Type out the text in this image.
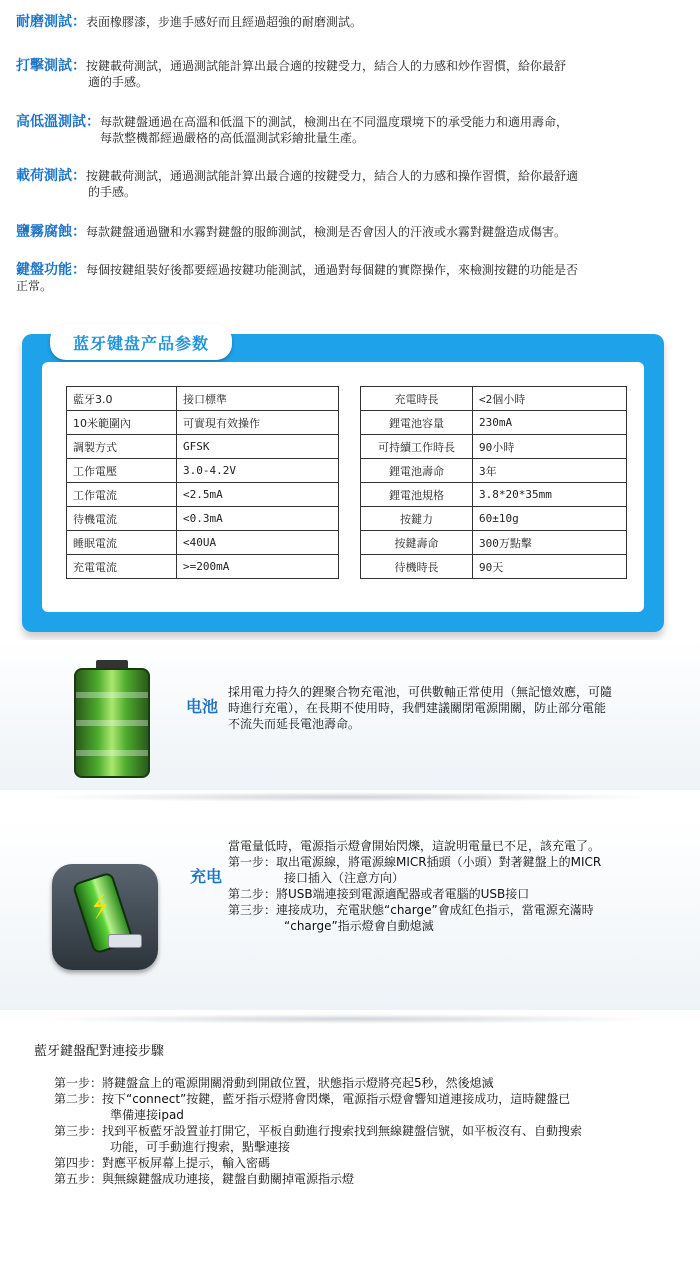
耐磨測試：表面橡膠漆，步進手感好而且經過超強的耐磨測試。
打擊測試：按鍵載荷測試，通過測試能計算出最合適的按鍵受力，結合人的力感和炒作習慣，給你最舒
適的手感。
高低溫測試：每款鍵盤通過在高溫和低溫下的測試，檢測出在不同溫度環境下的承受能力和適用壽命，
每款整機都經過嚴格的高低溫測試彩繪批量生產。
載荷測試：按鍵載荷測試，通過測試能計算出最合適的按鍵受力，結合人的力感和操作習慣，給你最舒適
的手感。
鹽霧腐蝕：每款鍵盤通過鹽和水霧對鍵盤的服飾測試，檢測是否會因人的汗液或水霧對鍵盤造成傷害。
鍵盤功能：每個按鍵組裝好後都要經過按鍵功能測試，通過對每個鍵的實際操作，來檢測按鍵的功能是否
正常。
蓝牙键盘产品参数
藍牙3.0	接口標準
10米範圍內	可實現有效操作
調製方式	GFSK
工作電壓	3.0-4.2V
工作電流	<2.5mA
待機電流	<0.3mA
睡眠電流	<40UA
充電電流	>=200mA
充電時長	<2個小時
鋰電池容量	230mA
可持續工作時長	90小時
鋰電池壽命	3年
鋰電池規格	3.8*20*35mm
按鍵力	60±10g
按鍵壽命	300万點擊
待機時長	90天
电池
採用電力持久的鋰聚合物充電池，可供數軸正常使用（無記憶效應，可隨
時進行充電），在長期不使用時，我們建議關閉電源開關，防止部分電能
不流失而延長電池壽命。
⚡
充电
當電量低時，電源指示燈會開始閃爍，這說明電量已不足，該充電了。
第一步：取出電源線，將電源線MICR插頭（小頭）對著鍵盤上的MICR
接口插入（注意方向）
第二步：將USB端連接到電源適配器或者電腦的USB接口
第三步：連接成功，充電狀態“charge”會成紅色指示，當電源充滿時
“charge”指示燈會自動熄滅
藍牙鍵盤配對連接步驟
第一步：將鍵盤盒上的電源開關滑動到開啟位置，狀態指示燈將亮起5秒，然後熄滅
第二步：按下“connect”按鍵，藍牙指示燈將會閃爍，電源指示燈會響知道連接成功，這時鍵盤已
準備連接ipad
第三步：找到平板藍牙設置並打開它，平板自動進行搜索找到無線鍵盤信號，如平板沒有、自動搜索
功能，可手動進行搜索，點擊連接
第四步：對應平板屏幕上提示，輸入密碼
第五步：與無線鍵盤成功連接，鍵盤自動關掉電源指示燈
